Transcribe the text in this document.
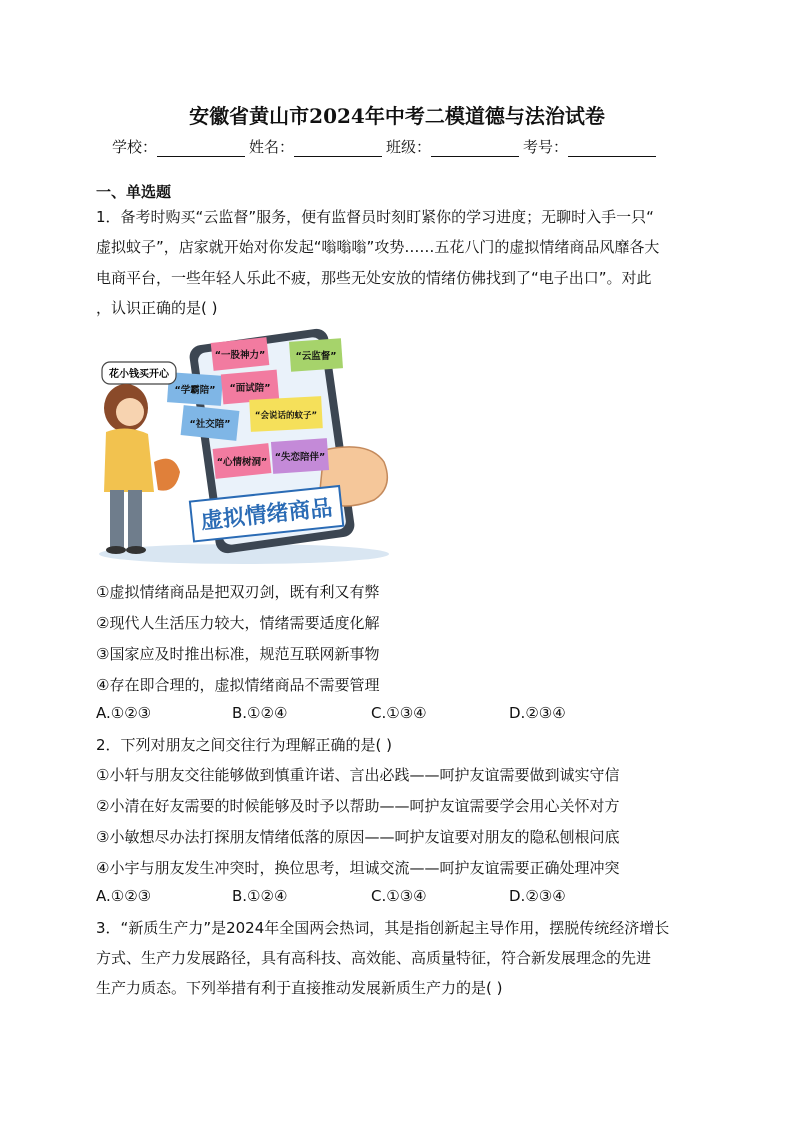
安徽省黄山市2024年中考二模道德与法治试卷
学校：	姓名：	班级：	考号：
一、单选题
1．备考时购买“云监督”服务，便有监督员时刻盯紧你的学习进度；无聊时入手一只“
虚拟蚊子”，店家就开始对你发起“嗡嗡嗡”攻势……五花八门的虚拟情绪商品风靡各大
电商平台，一些年轻人乐此不疲，那些无处安放的情绪仿佛找到了“电子出口”。对此
，认识正确的是( )
虚拟情绪商品
“一股神力”	“云监督”
“学霸陪” “面试陪”
“会说话的蚊子”
“社交陪”
“心情树洞” “失恋陪伴”
花小钱买开心
①虚拟情绪商品是把双刃剑，既有利又有弊
②现代人生活压力较大，情绪需要适度化解
③国家应及时推出标准，规范互联网新事物
④存在即合理的，虚拟情绪商品不需要管理
A.①②③	B.①②④	C.①③④	D.②③④
2．下列对朋友之间交往行为理解正确的是( )
①小轩与朋友交往能够做到慎重许诺、言出必践——呵护友谊需要做到诚实守信
②小清在好友需要的时候能够及时予以帮助——呵护友谊需要学会用心关怀对方
③小敏想尽办法打探朋友情绪低落的原因——呵护友谊要对朋友的隐私刨根问底
④小宇与朋友发生冲突时，换位思考，坦诚交流——呵护友谊需要正确处理冲突
A.①②③	B.①②④	C.①③④	D.②③④
3．“新质生产力”是2024年全国两会热词，其是指创新起主导作用，摆脱传统经济增长
方式、生产力发展路径，具有高科技、高效能、高质量特征，符合新发展理念的先进
生产力质态。下列举措有利于直接推动发展新质生产力的是( )
